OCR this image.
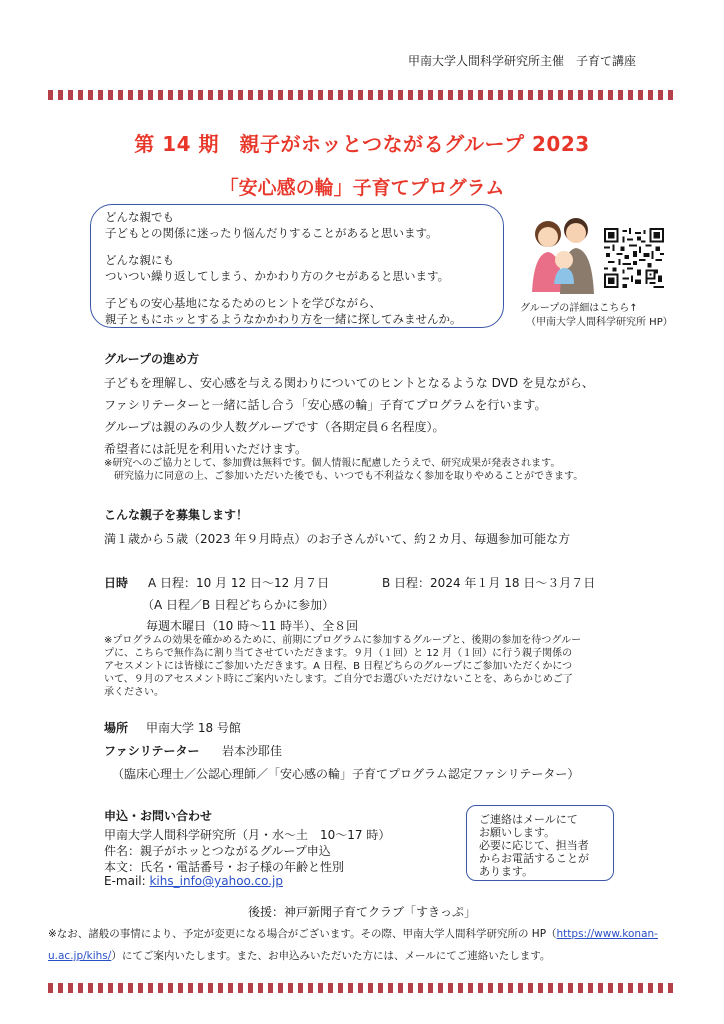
甲南大学人間科学研究所主催　子育て講座
第 14 期　親子がホッとつながるグループ 2023
「安心感の輪」子育てプログラム
どんな親でも
子どもとの関係に迷ったり悩んだりすることがあると思います。
どんな親にも
ついつい繰り返してしまう、かかわり方のクセがあると思います。
子どもの安心基地になるためのヒントを学びながら、
親子ともにホッとするようなかかわり方を一緒に探してみませんか。
グループの詳細はこちら↑
（甲南大学人間科学研究所 HP）
グループの進め方
子どもを理解し、安心感を与える関わりについてのヒントとなるような DVD を見ながら、
ファシリテーターと一緒に話し合う「安心感の輪」子育てプログラムを行います。
グループは親のみの少人数グループです（各期定員６名程度）。
希望者には託児を利用いただけます。
※研究へのご協力として、参加費は無料です。個人情報に配慮したうえで、研究成果が発表されます。
研究協力に同意の上、ご参加いただいた後でも、いつでも不利益なく参加を取りやめることができます。
こんな親子を募集します！
満１歳から５歳（2023 年９月時点）のお子さんがいて、約２カ月、毎週参加可能な方
日時 A 日程：10 月 12 日～12 月７日	B 日程：2024 年１月 18 日～３月７日
（A 日程／B 日程どちらかに参加）
毎週木曜日（10 時～11 時半）、全８回
※プログラムの効果を確かめるために、前期にプログラムに参加するグループと、後期の参加を待つグルー
プに、こちらで無作為に割り当てさせていただきます。９月（１回）と 12 月（１回）に行う親子関係の
アセスメントには皆様にご参加いただきます。A 日程、B 日程どちらのグループにご参加いただくかにつ
いて、９月のアセスメント時にご案内いたします。ご自分でお選びいただけないことを、あらかじめご了
承ください。
場所 甲南大学 18 号館
ファシリテーター 岩本沙耶佳
（臨床心理士／公認心理師／「安心感の輪」子育てプログラム認定ファシリテーター）
申込・お問い合わせ
甲南大学人間科学研究所（月・水～土　10～17 時）
件名：親子がホッとつながるグループ申込
本文：氏名・電話番号・お子様の年齢と性別
E-mail: kihs_info@yahoo.co.jp
ご連絡はメールにて
お願いします。
必要に応じて、担当者
からお電話することが
あります。
後援：神戸新聞子育てクラブ「すきっぷ」
※なお、諸般の事情により、予定が変更になる場合がございます。その際、甲南大学人間科学研究所の HP（https://www.konan-
u.ac.jp/kihs/）にてご案内いたします。また、お申込みいただいた方には、メールにてご連絡いたします。
